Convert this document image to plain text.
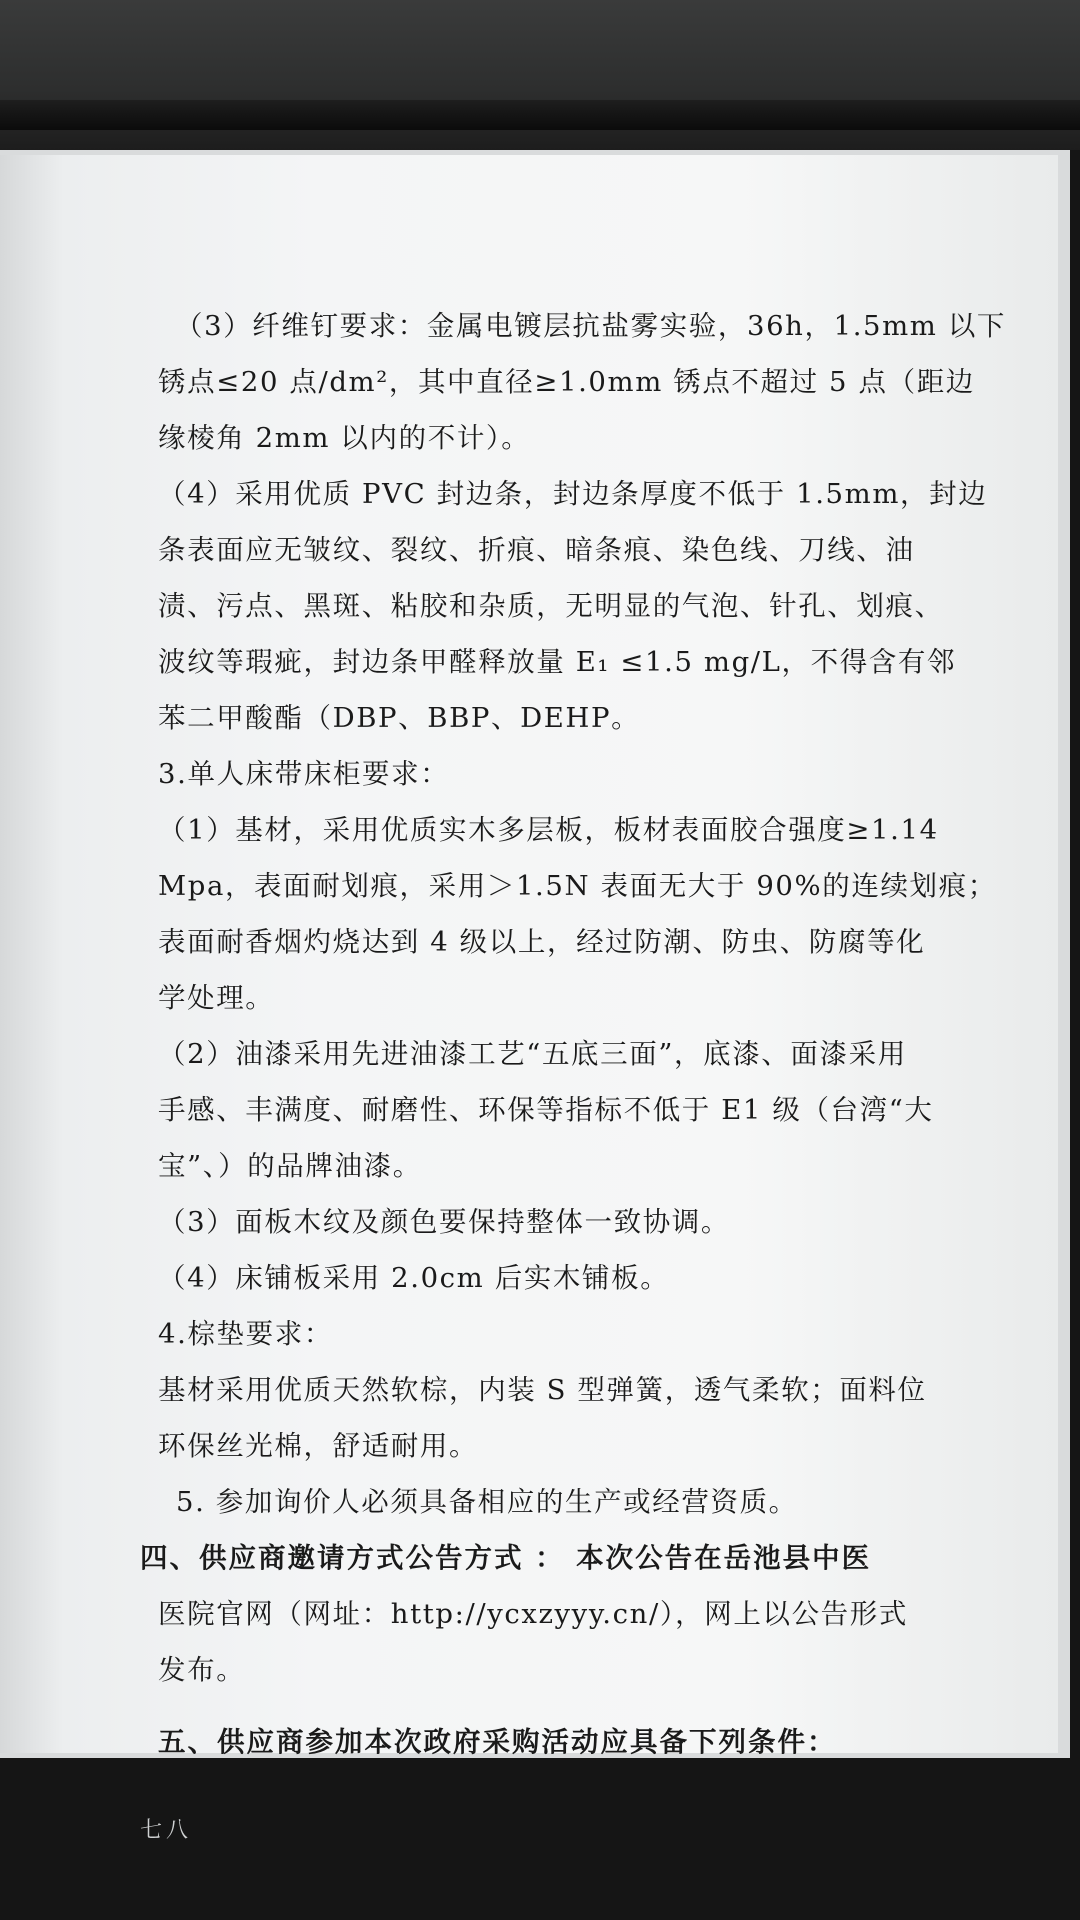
（3）纤维钉要求：金属电镀层抗盐雾实验，36h，1.5mm 以下
锈点≤20 点/dm²，其中直径≥1.0mm 锈点不超过 5 点（距边
缘棱角 2mm 以内的不计）。
（4）采用优质 PVC 封边条，封边条厚度不低于 1.5mm，封边
条表面应无皱纹、裂纹、折痕、暗条痕、染色线、刀线、油
渍、污点、黑斑、粘胶和杂质，无明显的气泡、针孔、划痕、
波纹等瑕疵，封边条甲醛释放量 E₁ ≤1.5 mg/L，不得含有邻
苯二甲酸酯（DBP、BBP、DEHP。
3.单人床带床柜要求：
（1）基材，采用优质实木多层板，板材表面胶合强度≥1.14
Mpa，表面耐划痕，采用＞1.5N 表面无大于 90%的连续划痕；
表面耐香烟灼烧达到 4 级以上，经过防潮、防虫、防腐等化
学处理。
（2）油漆采用先进油漆工艺“五底三面”，底漆、面漆采用
手感、丰满度、耐磨性、环保等指标不低于 E1 级（台湾“大
宝”、）的品牌油漆。
（3）面板木纹及颜色要保持整体一致协调。
（4）床铺板采用 2.0cm 后实木铺板。
4.棕垫要求：
基材采用优质天然软棕，内装 S 型弹簧，透气柔软；面料位
环保丝光棉，舒适耐用。
5. 参加询价人必须具备相应的生产或经营资质。
四、供应商邀请方式公告方式 ： 本次公告在岳池县中医
医院官网（网址：http://ycxzyyy.cn/），网上以公告形式
发布。
五、供应商参加本次政府采购活动应具备下列条件：
七八
